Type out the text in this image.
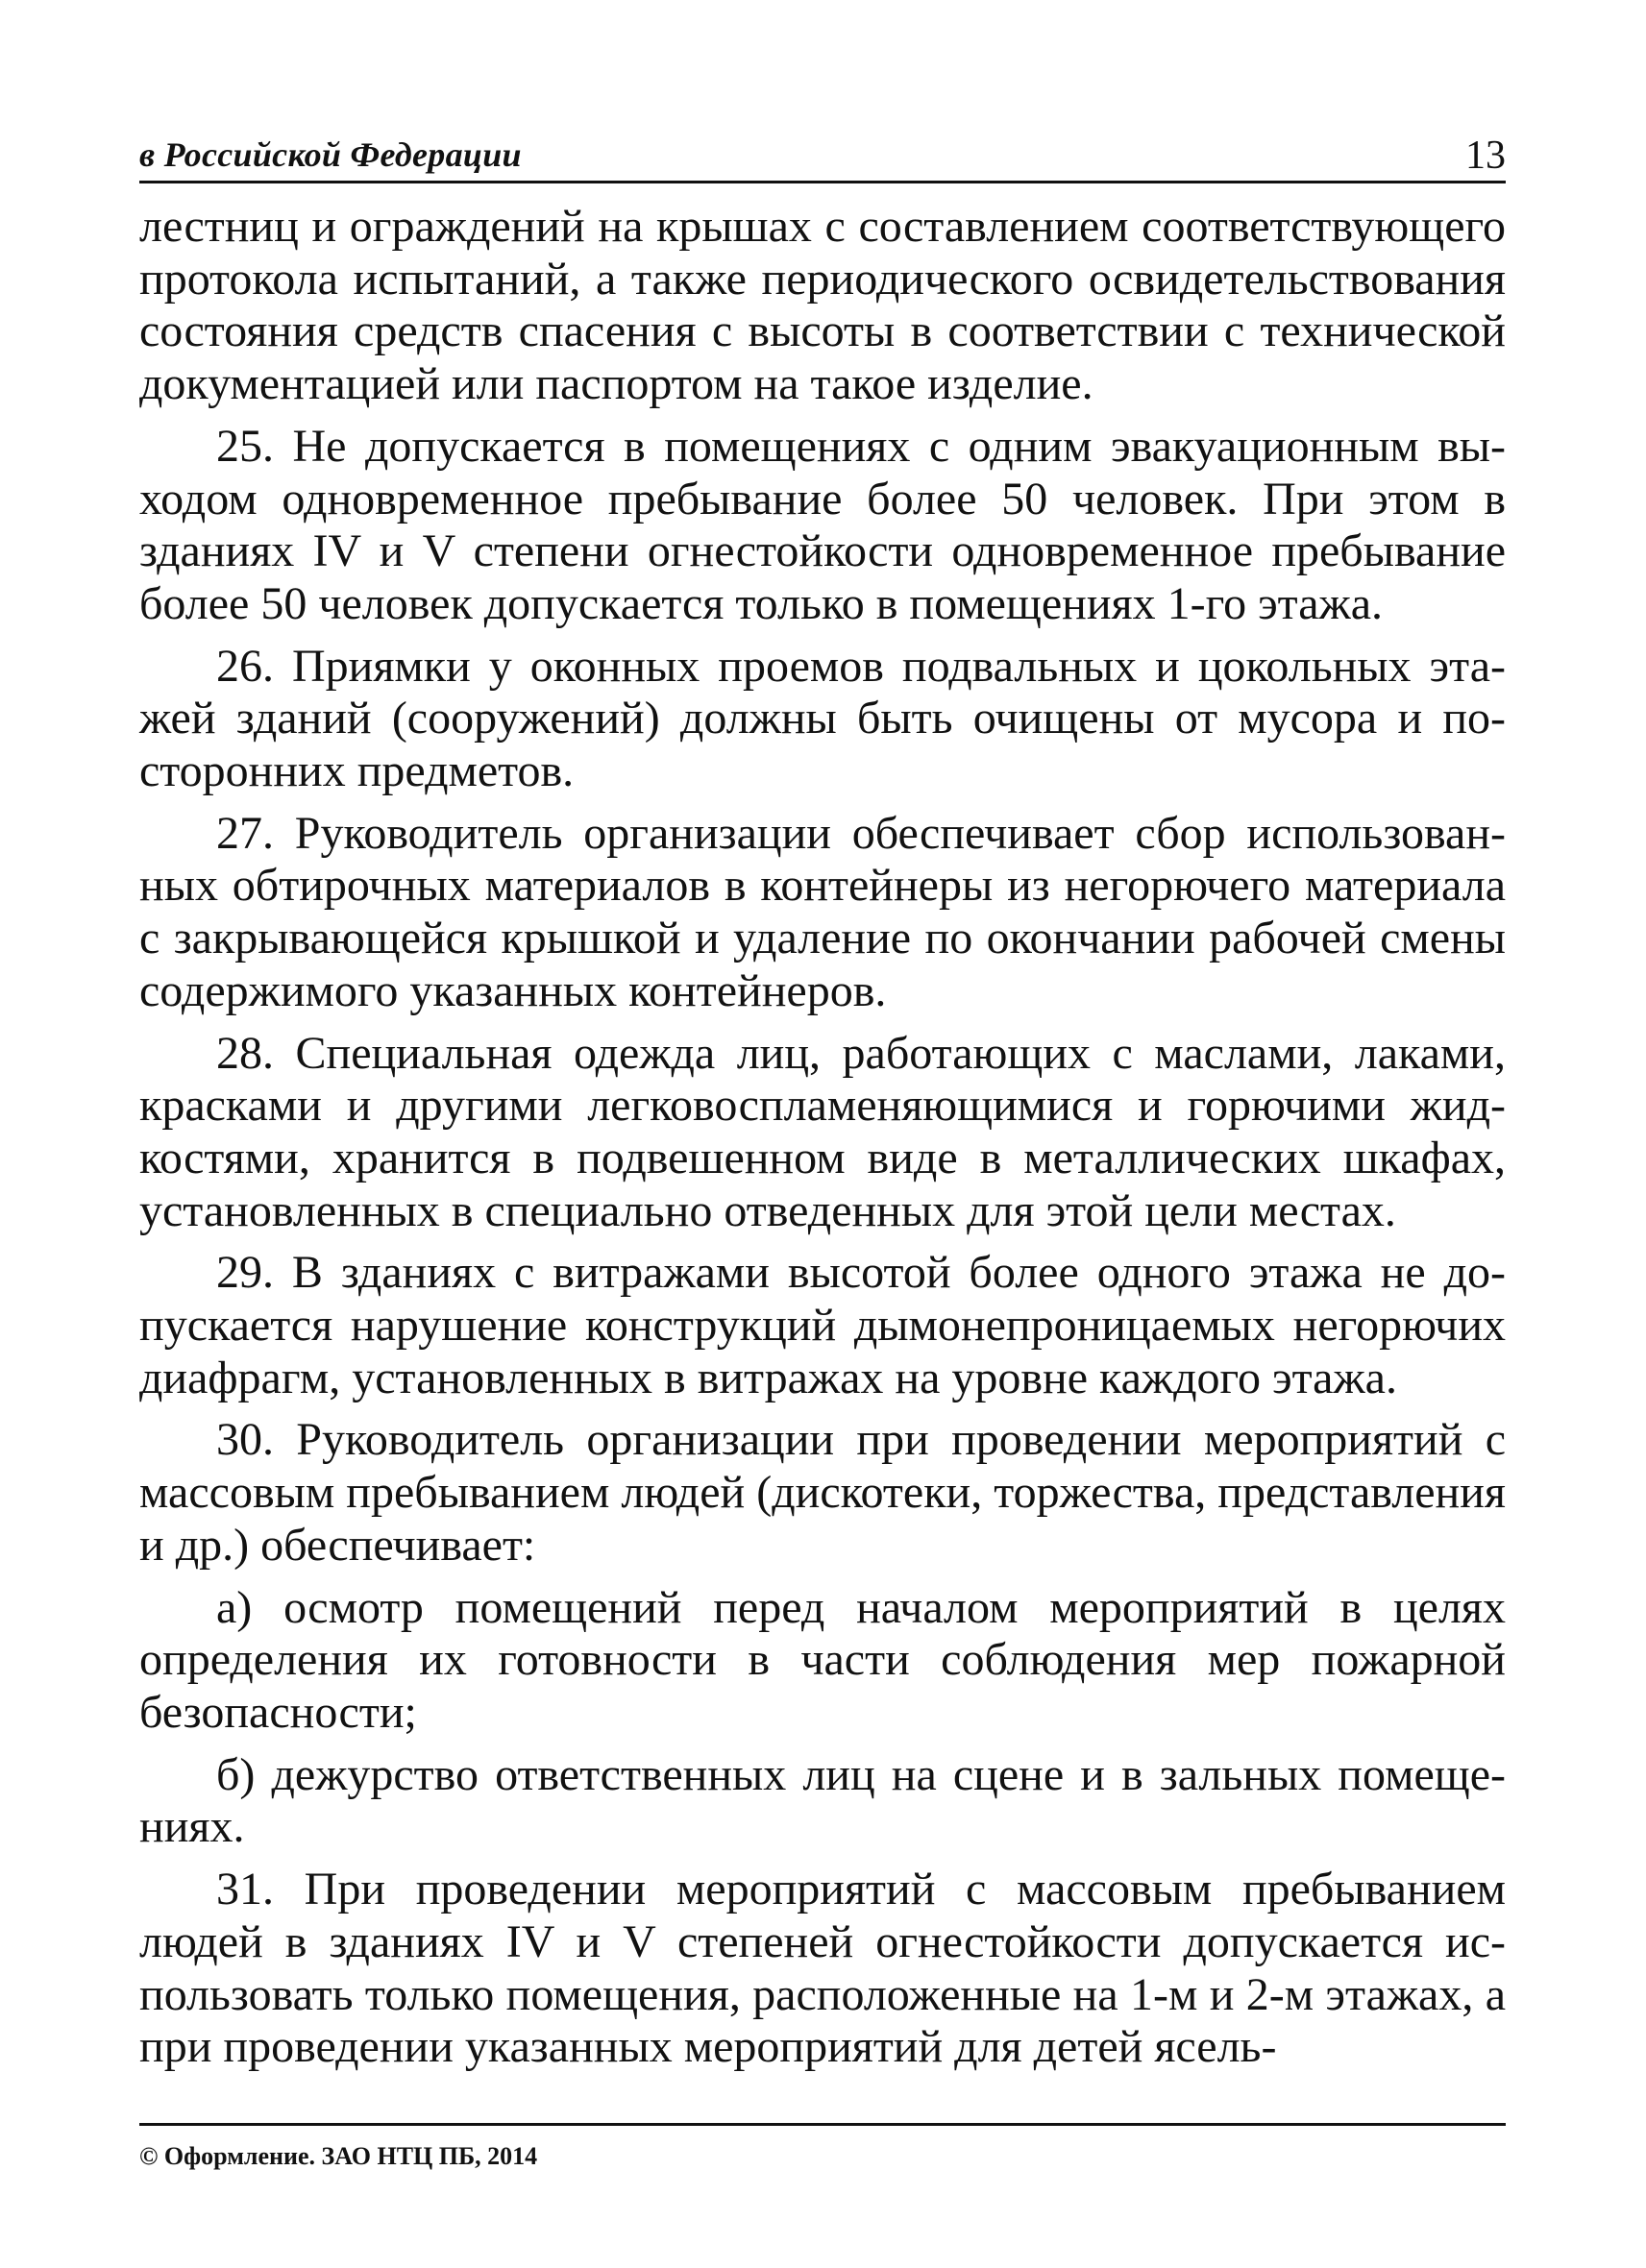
в Российской Федерации	13

лестниц и ограждений на крышах с составлением соответствующего протокола испытаний, а также периодического освидетельствования состояния средств спасения с высоты в соответствии с технической документацией или паспортом на такое изделие.

25. Не допускается в помещениях с одним эвакуационным выходом одновременное пребывание более 50 человек. При этом в зданиях IV и V степени огнестойкости одновременное пребывание более 50 человек допускается только в помещениях 1-го этажа.

26. Приямки у оконных проемов подвальных и цокольных этажей зданий (сооружений) должны быть очищены от мусора и посторонних предметов.

27. Руководитель организации обеспечивает сбор использованных обтирочных материалов в контейнеры из негорючего материала с закрывающейся крышкой и удаление по окончании рабочей смены содержимого указанных контейнеров.

28. Специальная одежда лиц, работающих с маслами, лаками, красками и другими легковоспламеняющимися и горючими жидкостями, хранится в подвешенном виде в металлических шкафах, установленных в специально отведенных для этой цели местах.

29. В зданиях с витражами высотой более одного этажа не допускается нарушение конструкций дымонепроницаемых негорючих диафрагм, установленных в витражах на уровне каждого этажа.

30. Руководитель организации при проведении мероприятий с массовым пребыванием людей (дискотеки, торжества, представления и др.) обеспечивает:

а) осмотр помещений перед началом мероприятий в целях определения их готовности в части соблюдения мер пожарной безопасности;

б) дежурство ответственных лиц на сцене и в зальных помещениях.

31. При проведении мероприятий с массовым пребыванием людей в зданиях IV и V степеней огнестойкости допускается использовать только помещения, расположенные на 1-м и 2-м этажах, а при проведении указанных мероприятий для детей ясель-

© Оформление. ЗАО НТЦ ПБ, 2014
